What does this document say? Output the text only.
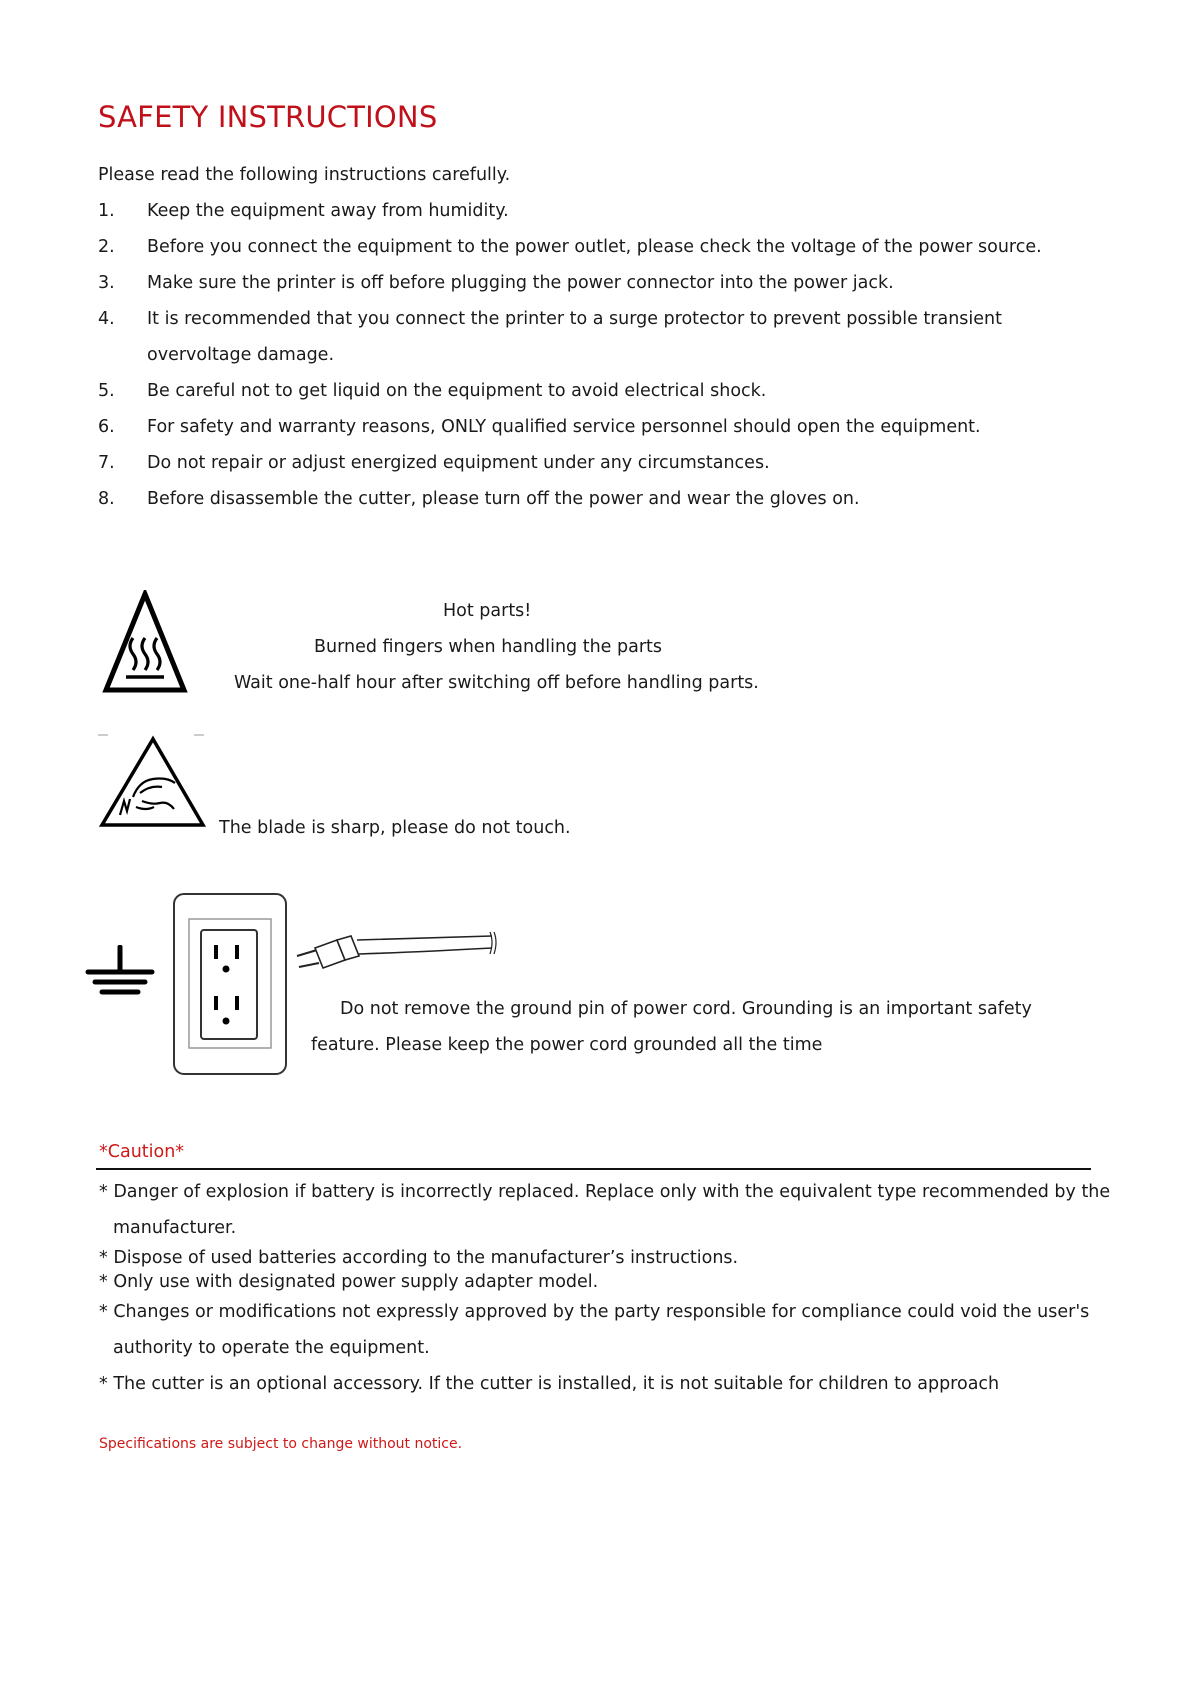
SAFETY INSTRUCTIONS
Please read the following instructions carefully.
1. Keep the equipment away from humidity.
2. Before you connect the equipment to the power outlet, please check the voltage of the power source.
3. Make sure the printer is off before plugging the power connector into the power jack.
4. It is recommended that you connect the printer to a surge protector to prevent possible transient
overvoltage damage.
5. Be careful not to get liquid on the equipment to avoid electrical shock.
6. For safety and warranty reasons, ONLY qualified service personnel should open the equipment.
7. Do not repair or adjust energized equipment under any circumstances.
8. Before disassemble the cutter, please turn off the power and wear the gloves on.
Hot parts!
Burned fingers when handling the parts
Wait one-half hour after switching off before handling parts.
The blade is sharp, please do not touch.
Do not remove the ground pin of power cord. Grounding is an important safety
feature. Please keep the power cord grounded all the time
*Caution*
* Danger of explosion if battery is incorrectly replaced. Replace only with the equivalent type recommended by the
manufacturer.
* Dispose of used batteries according to the manufacturer’s instructions.
* Only use with designated power supply adapter model.
* Changes or modifications not expressly approved by the party responsible for compliance could void the user's
authority to operate the equipment.
* The cutter is an optional accessory. If the cutter is installed, it is not suitable for children to approach
Specifications are subject to change without notice.
